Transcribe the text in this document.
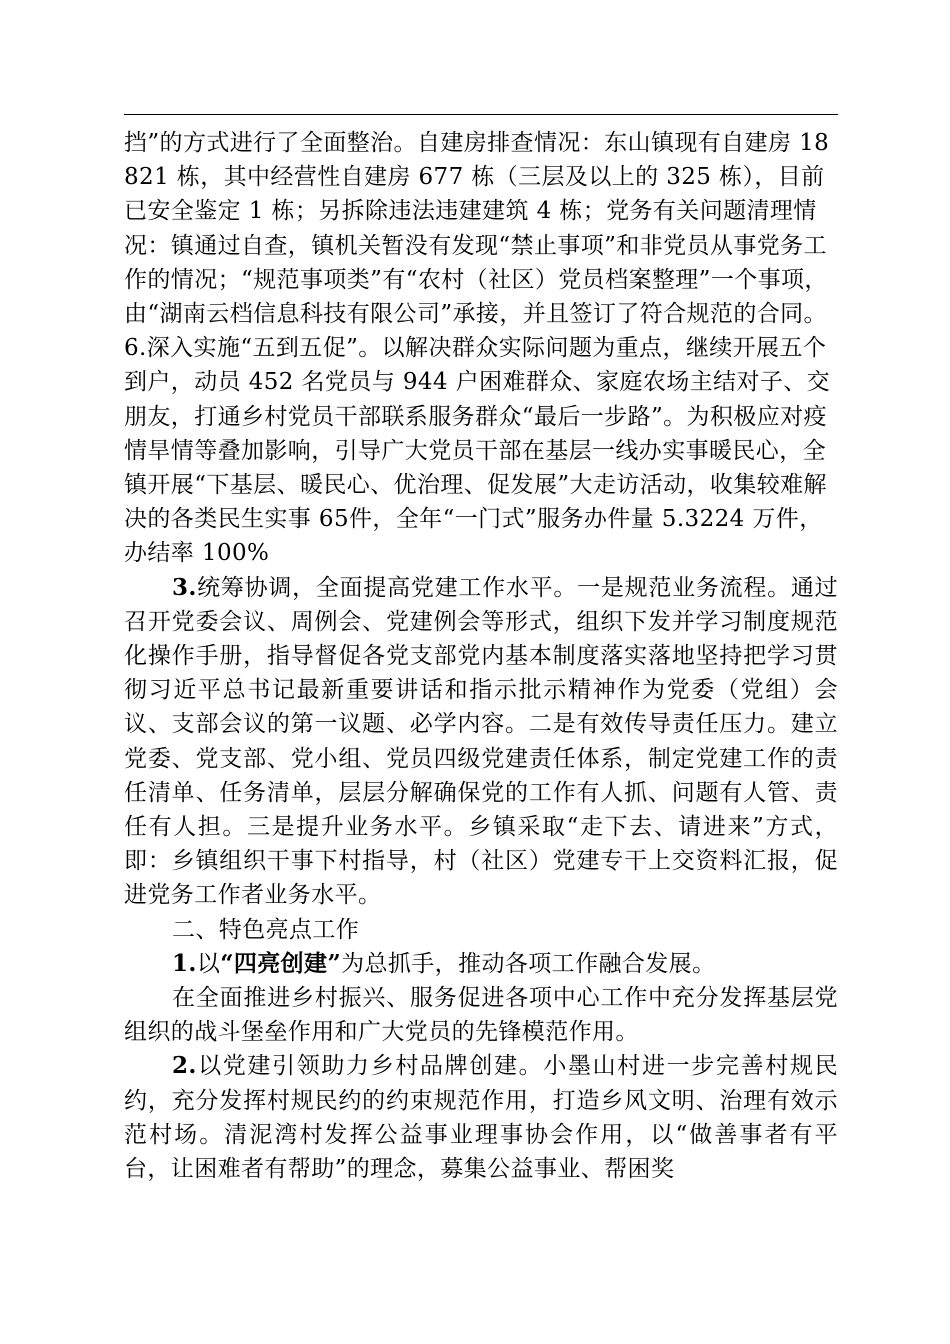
挡”的方式进行了全面整治。自建房排查情况：东山镇现有自建房 18821 栋，其中经营性自建房 677 栋（三层及以上的 325 栋），目前已安全鉴定 1 栋；另拆除违法违建建筑 4 栋；党务有关问题清理情况：镇通过自查，镇机关暂没有发现“禁止事项”和非党员从事党务工作的情况；“规范事项类”有“农村（社区）党员档案整理”一个事项，由“湖南云档信息科技有限公司”承接，并且签订了符合规范的合同。6.深入实施“五到五促”。以解决群众实际问题为重点，继续开展五个到户，动员 452 名党员与 944 户困难群众、家庭农场主结对子、交朋友，打通乡村党员干部联系服务群众“最后一步路”。为积极应对疫情旱情等叠加影响，引导广大党员干部在基层一线办实事暖民心，全镇开展“下基层、暖民心、优治理、促发展”大走访活动，收集较难解决的各类民生实事 65件，全年“一门式”服务办件量 5.3224 万件，办结率 100%

3.统筹协调，全面提高党建工作水平。一是规范业务流程。通过召开党委会议、周例会、党建例会等形式，组织下发并学习制度规范化操作手册，指导督促各党支部党内基本制度落实落地坚持把学习贯彻习近平总书记最新重要讲话和指示批示精神作为党委（党组）会议、支部会议的第一议题、必学内容。二是有效传导责任压力。建立党委、党支部、党小组、党员四级党建责任体系，制定党建工作的责任清单、任务清单，层层分解确保党的工作有人抓、问题有人管、责任有人担。三是提升业务水平。乡镇采取“走下去、请进来”方式，即：乡镇组织干事下村指导，村（社区）党建专干上交资料汇报，促进党务工作者业务水平。

二、特色亮点工作

1.以“四亮创建”为总抓手，推动各项工作融合发展。

在全面推进乡村振兴、服务促进各项中心工作中充分发挥基层党组织的战斗堡垒作用和广大党员的先锋模范作用。

2.以党建引领助力乡村品牌创建。小墨山村进一步完善村规民约，充分发挥村规民约的约束规范作用，打造乡风文明、治理有效示范村场。清泥湾村发挥公益事业理事协会作用，以“做善事者有平台，让困难者有帮助”的理念，募集公益事业、帮困奖
